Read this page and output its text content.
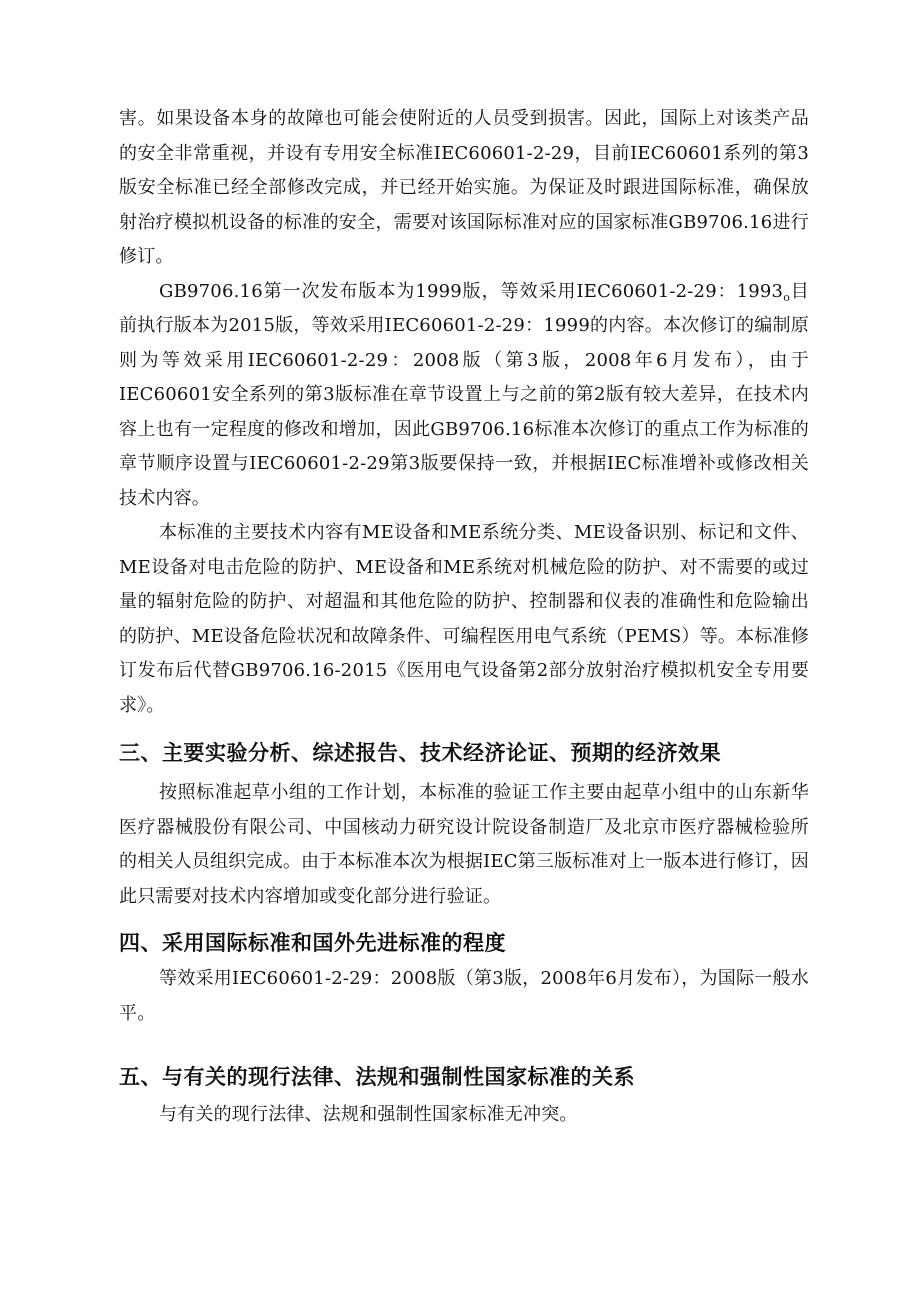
害。如果设备本身的故障也可能会使附近的人员受到损害。因此，国际上对该类产品的安全非常重视，并设有专用安全标准IEC60601-2-29，目前IEC60601系列的第3版安全标准已经全部修改完成，并已经开始实施。为保证及时跟进国际标准，确保放射治疗模拟机设备的标准的安全，需要对该国际标准对应的国家标准GB9706.16进行修订。

GB9706.16第一次发布版本为1999版，等效采用IEC60601-2-29：$1993_o$目前执行版本为2015版，等效采用IEC60601-2-29：1999的内容。本次修订的编制原则为等效采用IEC60601-2-29：2008版（第3版，2008年6月发布），由于IEC60601安全系列的第3版标准在章节设置上与之前的第2版有较大差异，在技术内容上也有一定程度的修改和增加，因此GB9706.16标准本次修订的重点工作为标准的章节顺序设置与IEC60601-2-29第3版要保持一致，并根据IEC标准增补或修改相关技术内容。

本标准的主要技术内容有ME设备和ME系统分类、ME设备识别、标记和文件、ME设备对电击危险的防护、ME设备和ME系统对机械危险的防护、对不需要的或过量的辐射危险的防护、对超温和其他危险的防护、控制器和仪表的准确性和危险输出的防护、ME设备危险状况和故障条件、可编程医用电气系统（PEMS）等。本标准修订发布后代替GB9706.16-2015《医用电气设备第2部分放射治疗模拟机安全专用要求》。

三、主要实验分析、综述报告、技术经济论证、预期的经济效果

按照标准起草小组的工作计划，本标准的验证工作主要由起草小组中的山东新华医疗器械股份有限公司、中国核动力研究设计院设备制造厂及北京市医疗器械检验所的相关人员组织完成。由于本标准本次为根据IEC第三版标准对上一版本进行修订，因此只需要对技术内容增加或变化部分进行验证。

四、采用国际标准和国外先进标准的程度

等效采用IEC60601-2-29：2008版（第3版，2008年6月发布），为国际一般水平。

五、与有关的现行法律、法规和强制性国家标准的关系

与有关的现行法律、法规和强制性国家标准无冲突。
